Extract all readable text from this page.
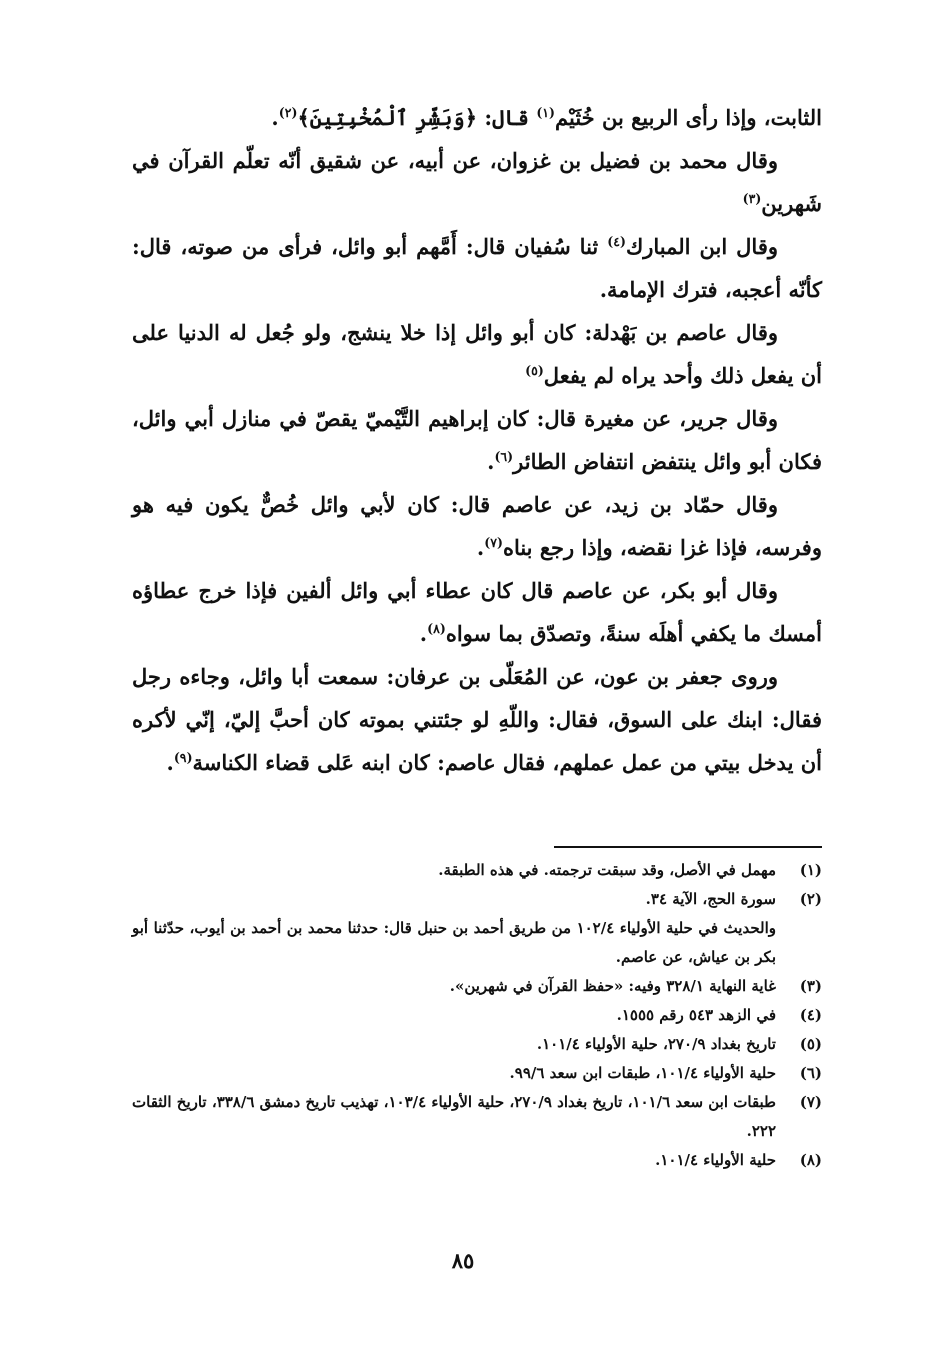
الثابت، وإذا رأى الربيع بن خُثَيْم$^{(١)}$ قال: ﴿وَبَشِّرِ ٱلْمُخْبِتِينَ﴾$^{(٢)}$.

وقال محمد بن فضيل بن غزوان، عن أبيه، عن شقيق أنّه تعلّم القرآن في شَهرين$^{(٣)}$

وقال ابن المبارك$^{(٤)}$ ثنا سُفيان قال: أَمَّهم أبو وائل، فرأى من صوته، قال: كأنّه أعجبه، فترك الإمامة.

وقال عاصم بن بَهْدلة: كان أبو وائل إذا خلا ينشج، ولو جُعل له الدنيا على أن يفعل ذلك وأحد يراه لم يفعل$^{(٥)}$

وقال جرير، عن مغيرة قال: كان إبراهيم التَّيْميّ يقصّ في منازل أبي وائل، فكان أبو وائل ينتفض انتفاض الطائر$^{(٦)}$.

وقال حمّاد بن زيد، عن عاصم قال: كان لأبي وائل خُصٌّ يكون فيه هو وفرسه، فإذا غزا نقضه، وإذا رجع بناه$^{(٧)}$.

وقال أبو بكر، عن عاصم قال كان عطاء أبي وائل ألفين فإذا خرج عطاؤه أمسك ما يكفي أهلَه سنةً، وتصدّق بما سواه$^{(٨)}$.

وروى جعفر بن عون، عن المُعَلّى بن عرفان: سمعت أبا وائل، وجاءه رجل فقال: ابنك على السوق، فقال: واللّهِ لو جئتني بموته كان أحبَّ إليّ، إنّي لأكره أن يدخل بيتي من عمل عملهم، فقال عاصم: كان ابنه عَلى قضاء الكناسة$^{(٩)}$.

(١)
مهمل في الأصل، وقد سبقت ترجمته. في هذه الطبقة.
(٢)
سورة الحج، الآية ٣٤.
والحديث في حلية الأولياء ١٠٢/٤ من طريق أحمد بن حنبل قال: حدثنا محمد بن أحمد بن أيوب، حدّثنا أبو بكر بن عياش، عن عاصم.
(٣)
غاية النهاية ٣٢٨/١ وفيه: «حفظ القرآن في شهرين».
(٤)
في الزهد ٥٤٣ رقم ١٥٥٥.
(٥)
تاريخ بغداد ٢٧٠/٩، حلية الأولياء ١٠١/٤.
(٦)
حلية الأولياء ١٠١/٤، طبقات ابن سعد ٩٩/٦.
(٧)
طبقات ابن سعد ١٠١/٦، تاريخ بغداد ٢٧٠/٩، حلية الأولياء ١٠٣/٤، تهذيب تاريخ دمشق ٣٣٨/٦، تاريخ الثقات ٢٢٢.
(٨)
حلية الأولياء ١٠١/٤.
٨٥
